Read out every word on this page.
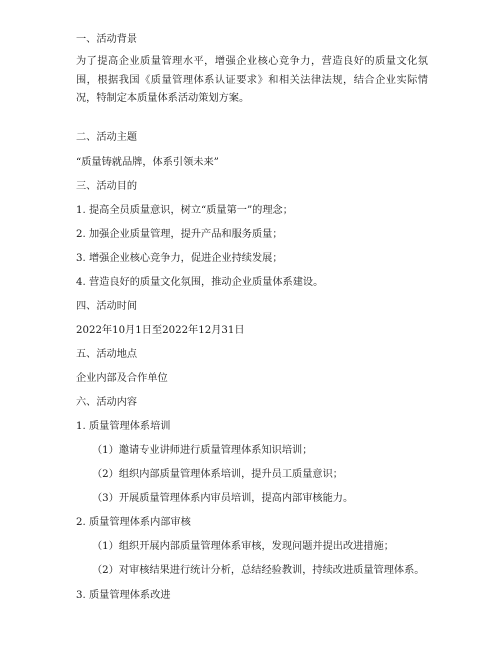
一、活动背景
为了提高企业质量管理水平，增强企业核心竞争力，营造良好的质量文化氛围，根据我国《质量管理体系认证要求》和相关法律法规，结合企业实际情况，特制定本质量体系活动策划方案。
二、活动主题
“质量铸就品牌，体系引领未来”
三、活动目的
1. 提高全员质量意识，树立“质量第一”的理念；
2. 加强企业质量管理，提升产品和服务质量；
3. 增强企业核心竞争力，促进企业持续发展；
4. 营造良好的质量文化氛围，推动企业质量体系建设。
四、活动时间
2022年10月1日至2022年12月31日
五、活动地点
企业内部及合作单位
六、活动内容
1. 质量管理体系培训
（1）邀请专业讲师进行质量管理体系知识培训；
（2）组织内部质量管理体系培训，提升员工质量意识；
（3）开展质量管理体系内审员培训，提高内部审核能力。
2. 质量管理体系内部审核
（1）组织开展内部质量管理体系审核，发现问题并提出改进措施；
（2）对审核结果进行统计分析，总结经验教训，持续改进质量管理体系。
3. 质量管理体系改进
